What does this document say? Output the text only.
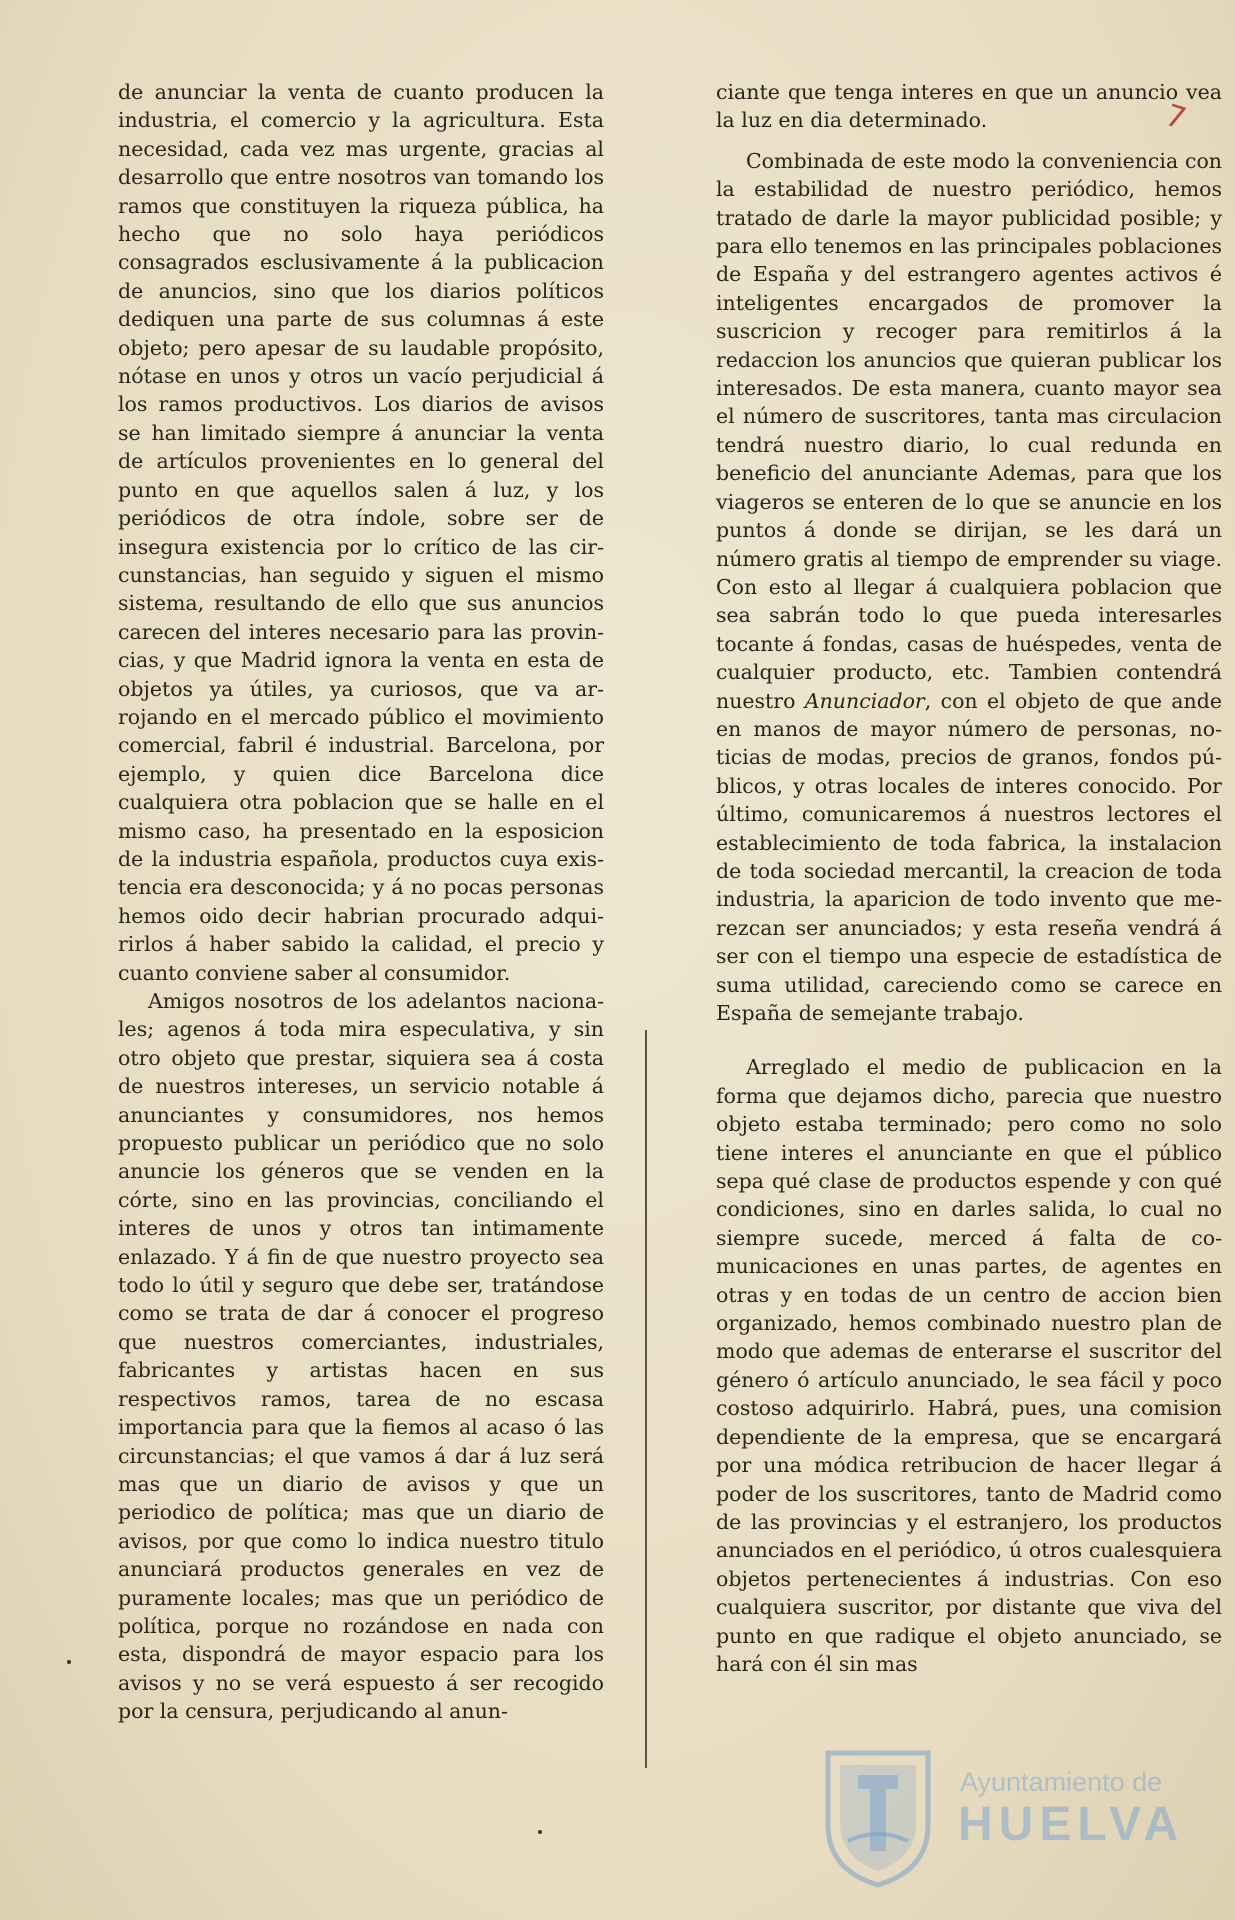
7

de anunciar la venta de cuanto producen la industria, el comercio y la agricultura. Esta necesidad, cada vez mas urgente, gracias al desarrollo que entre nosotros van tomando los ramos que constituyen la riqueza pública, ha hecho que no solo haya periódicos consagrados esclusivamente á la publicacion de anuncios, sino que los diarios políticos dediquen una parte de sus columnas á este objeto; pero apesar de su laudable propósito, nótase en unos y otros un vacío perjudicial á los ramos productivos. Los diarios de avisos se han limitado siempre á anunciar la venta de artículos provenientes en lo general del punto en que aquellos salen á luz, y los periódicos de otra índole, sobre ser de insegura existencia por lo crítico de las circunstancias, han seguido y siguen el mismo sistema, resultando de ello que sus anuncios carecen del interes necesario para las provincias, y que Madrid ignora la venta en esta de objetos ya útiles, ya curiosos, que va arrojando en el mercado público el movimiento comercial, fabril é industrial. Barcelona, por ejemplo, y quien dice Barcelona dice cualquiera otra poblacion que se halle en el mismo caso, ha presentado en la esposicion de la industria española, productos cuya existencia era desconocida; y á no pocas personas hemos oido decir habrian procurado adquirirlos á haber sabido la calidad, el precio y cuanto conviene saber al consumidor.

Amigos nosotros de los adelantos nacionales; agenos á toda mira especulativa, y sin otro objeto que prestar, siquiera sea á costa de nuestros intereses, un servicio notable á anunciantes y consumidores, nos hemos propuesto publicar un periódico que no solo anuncie los géneros que se venden en la córte, sino en las provincias, conciliando el interes de unos y otros tan intimamente enlazado. Y á fin de que nuestro proyecto sea todo lo útil y seguro que debe ser, tratándose como se trata de dar á conocer el progreso que nuestros comerciantes, industriales, fabricantes y artistas hacen en sus respectivos ramos, tarea de no escasa importancia para que la fiemos al acaso ó las circunstancias; el que vamos á dar á luz será mas que un diario de avisos y que un periodico de política; mas que un diario de avisos, por que como lo indica nuestro titulo anunciará productos generales en vez de puramente locales; mas que un periódico de política, porque no rozándose en nada con esta, dispondrá de mayor espacio para los avisos y no se verá espuesto á ser recogido por la censura, perjudicando al anun-

ciante que tenga interes en que un anuncio vea la luz en dia determinado.

Combinada de este modo la conveniencia con la estabilidad de nuestro periódico, hemos tratado de darle la mayor publicidad posible; y para ello tenemos en las principales poblaciones de España y del estrangero agentes activos é inteligentes encargados de promover la suscricion y recoger para remitirlos á la redaccion los anuncios que quieran publicar los interesados. De esta manera, cuanto mayor sea el número de suscritores, tanta mas circulacion tendrá nuestro diario, lo cual redunda en beneficio del anunciante Ademas, para que los viageros se enteren de lo que se anuncie en los puntos á donde se dirijan, se les dará un número gratis al tiempo de emprender su viage. Con esto al llegar á cualquiera poblacion que sea sabrán todo lo que pueda interesarles tocante á fondas, casas de huéspedes, venta de cualquier producto, etc. Tambien contendrá nuestro Anunciador, con el objeto de que ande en manos de mayor número de personas, noticias de modas, precios de granos, fondos públicos, y otras locales de interes conocido. Por último, comunicaremos á nuestros lectores el establecimiento de toda fabrica, la instalacion de toda sociedad mercantil, la creacion de toda industria, la aparicion de todo invento que merezcan ser anunciados; y esta reseña vendrá á ser con el tiempo una especie de estadística de suma utilidad, careciendo como se carece en España de semejante trabajo.

Arreglado el medio de publicacion en la forma que dejamos dicho, parecia que nuestro objeto estaba terminado; pero como no solo tiene interes el anunciante en que el público sepa qué clase de productos espende y con qué condiciones, sino en darles salida, lo cual no siempre sucede, merced á falta de comunicaciones en unas partes, de agentes en otras y en todas de un centro de accion bien organizado, hemos combinado nuestro plan de modo que ademas de enterarse el suscritor del género ó artículo anunciado, le sea fácil y poco costoso adquirirlo. Habrá, pues, una comision dependiente de la empresa, que se encargará por una módica retribucion de hacer llegar á poder de los suscritores, tanto de Madrid como de las provincias y el estranjero, los productos anunciados en el periódico, ú otros cualesquiera objetos pertenecientes á industrias. Con eso cualquiera suscritor, por distante que viva del punto en que radique el objeto anunciado, se hará con él sin mas

Ayuntamiento de
HUELVA
